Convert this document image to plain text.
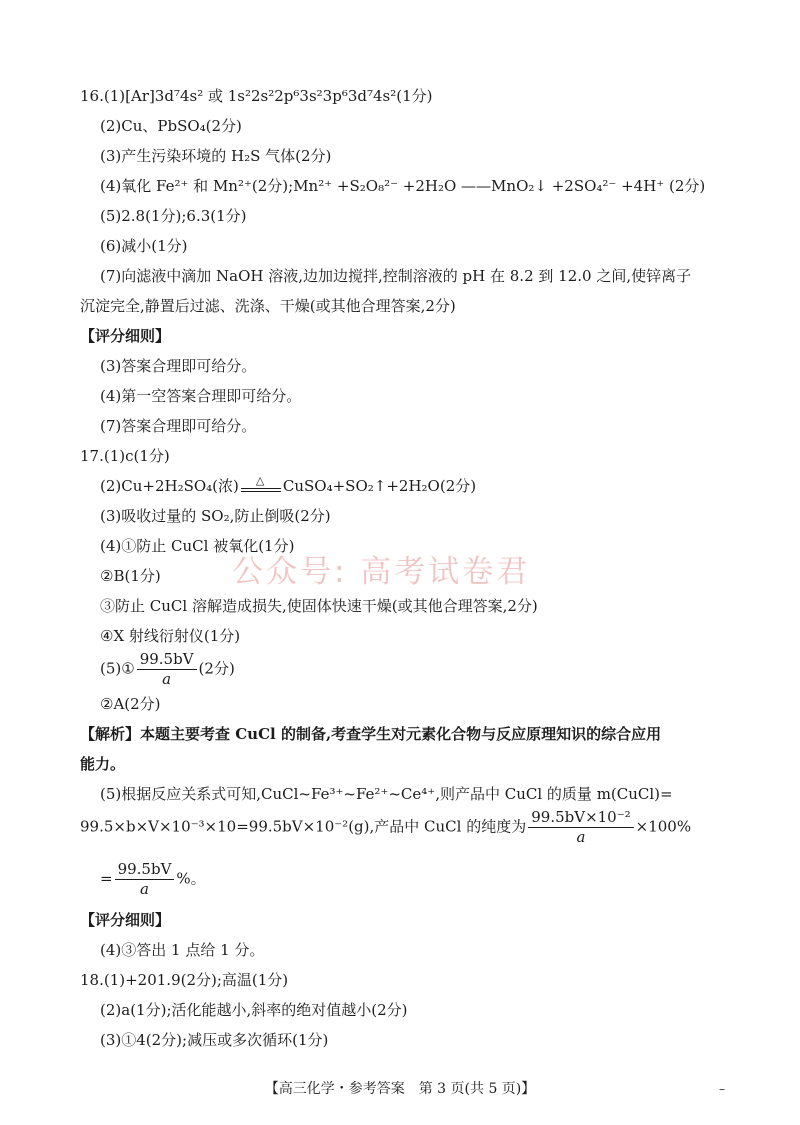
公众号: 高考试卷君
16.(1)[Ar]3d⁷4s² 或 1s²2s²2p⁶3s²3p⁶3d⁷4s²(1分)
(2)Cu、PbSO₄(2分)
(3)产生污染环境的 H₂S 气体(2分)
(4)氧化 Fe²⁺ 和 Mn²⁺(2分);Mn²⁺ +S₂O₈²⁻ +2H₂O ——MnO₂↓ +2SO₄²⁻ +4H⁺ (2分)
(5)2.8(1分);6.3(1分)
(6)减小(1分)
(7)向滤液中滴加 NaOH 溶液,边加边搅拌,控制溶液的 pH 在 8.2 到 12.0 之间,使锌离子
沉淀完全,静置后过滤、洗涤、干燥(或其他合理答案,2分)
【评分细则】
(3)答案合理即可给分。
(4)第一空答案合理即可给分。
(7)答案合理即可给分。
17.(1)c(1分)
(2)Cu+2H₂SO₄(浓) △ CuSO₄+SO₂↑+2H₂O(2分)
(3)吸收过量的 SO₂,防止倒吸(2分)
(4)①防止 CuCl 被氧化(1分)
②B(1分)
③防止 CuCl 溶解造成损失,使固体快速干燥(或其他合理答案,2分)
④X 射线衍射仪(1分)
(5)① $\frac{99.5bV}{a} (2$分)
②A(2分)
【解析】本题主要考查 CuCl 的制备,考查学生对元素化合物与反应原理知识的综合应用
能力。
(5)根据反应关系式可知,CuCl~Fe³⁺~Fe²⁺~Ce⁴⁺,则产品中 CuCl 的质量 m(CuCl)=
99.5×b×V×10⁻³×10=99.5bV×10⁻²(g),产品中 CuCl 的纯度为 $\frac{\text{99.5bV×10⁻²}}{a} \times 100\%$
= $\frac{99.5bV}{a}$ %。
【评分细则】
(4)③答出 1 点给 1 分。
18.(1)+201.9(2分);高温(1分)
(2)a(1分);活化能越小,斜率的绝对值越小(2分)
(3)①4(2分);减压或多次循环(1分)
【高三化学・参考答案　第 3 页(共 5 页)】	–
